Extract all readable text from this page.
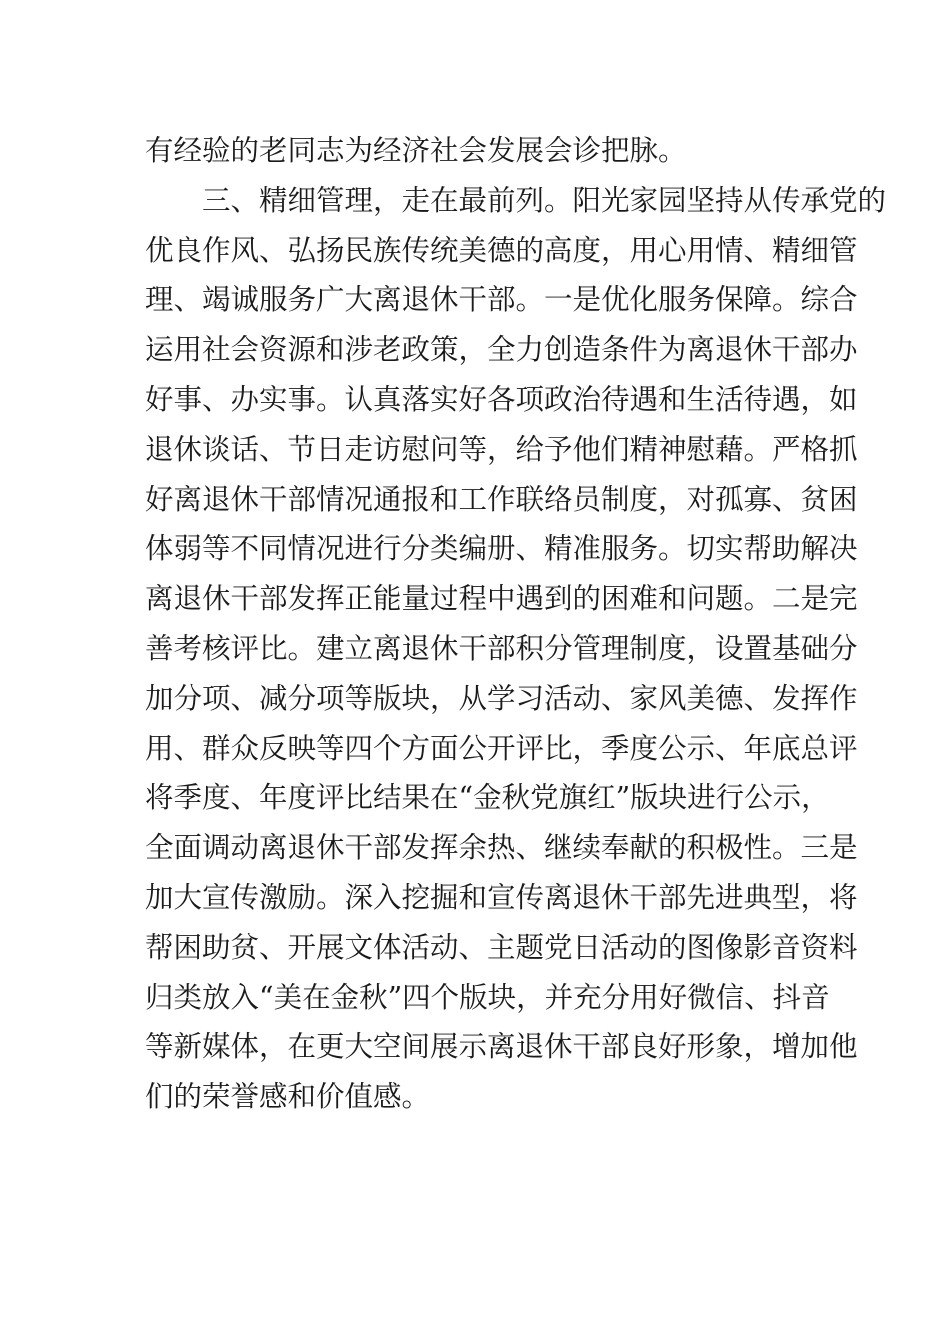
有经验的老同志为经济社会发展会诊把脉。
三、精细管理，走在最前列。阳光家园坚持从传承党的
优良作风、弘扬民族传统美德的高度，用心用情、精细管
理、竭诚服务广大离退休干部。一是优化服务保障。综合
运用社会资源和涉老政策，全力创造条件为离退休干部办
好事、办实事。认真落实好各项政治待遇和生活待遇，如
退休谈话、节日走访慰问等，给予他们精神慰藉。严格抓
好离退休干部情况通报和工作联络员制度，对孤寡、贫困
体弱等不同情况进行分类编册、精准服务。切实帮助解决
离退休干部发挥正能量过程中遇到的困难和问题。二是完
善考核评比。建立离退休干部积分管理制度，设置基础分
加分项、减分项等版块，从学习活动、家风美德、发挥作
用、群众反映等四个方面公开评比，季度公示、年底总评
将季度、年度评比结果在“金秋党旗红”版块进行公示，
全面调动离退休干部发挥余热、继续奉献的积极性。三是
加大宣传激励。深入挖掘和宣传离退休干部先进典型，将
帮困助贫、开展文体活动、主题党日活动的图像影音资料
归类放入“美在金秋”四个版块，并充分用好微信、抖音
等新媒体，在更大空间展示离退休干部良好形象，增加他
们的荣誉感和价值感。
